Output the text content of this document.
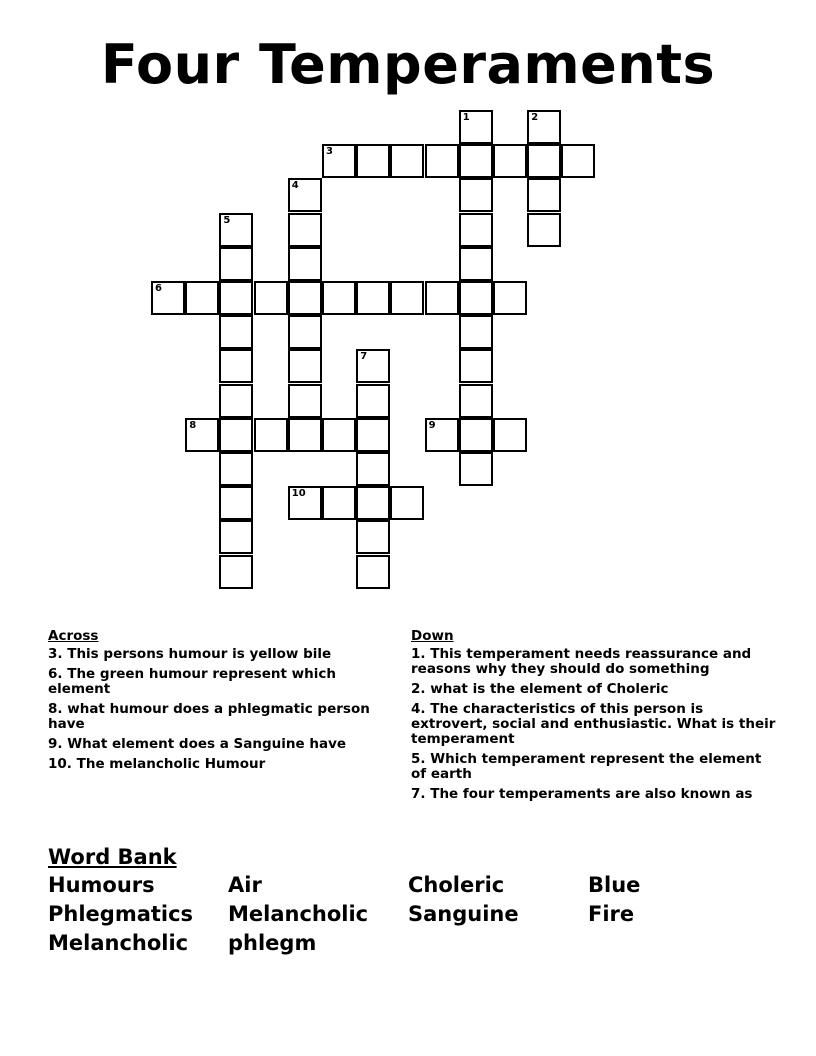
Four Temperaments
1	2
3
4
5
6
7
8	9
10
Across
3. This persons humour is yellow bile
6. The green humour represent which element
8. what humour does a phlegmatic person have
9. What element does a Sanguine have
10. The melancholic Humour
Down
1. This temperament needs reassurance and reasons why they should do something
2. what is the element of Choleric
4. The characteristics of this person is extrovert, social and enthusiastic. What is their temperament
5. Which temperament represent the element of earth
7. The four temperaments are also known as
Word Bank
Humours	Air	Choleric	Blue
Phlegmatics	Melancholic	Sanguine	Fire
Melancholic	phlegm
